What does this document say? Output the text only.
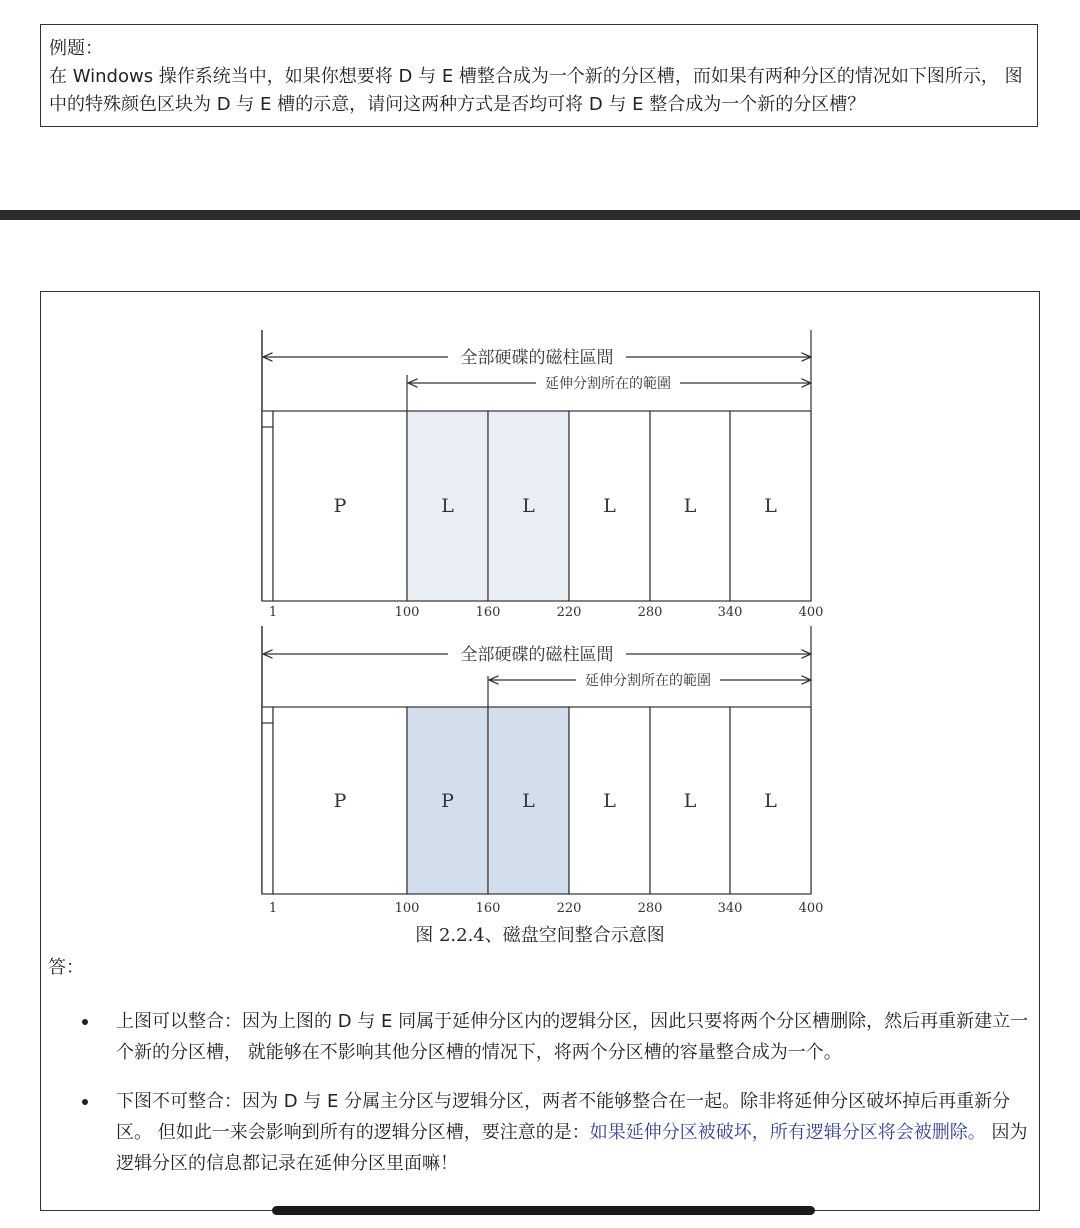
例题：

在 Windows 操作系统当中，如果你想要将 D 与 E 槽整合成为一个新的分区槽，而如果有两种分区的情况如下图所示， 图中的特殊颜色区块为 D 与 E 槽的示意，请问这两种方式是否均可将 D 与 E 整合成为一个新的分区槽？

全部硬碟的磁柱區間
延伸分割所在的範圍
P	L	L	L	L	L
1	100	160	220	280	340	400
全部硬碟的磁柱區間
延伸分割所在的範圍
P	P	L	L	L	L
1	100	160	220	280	340	400
图 2.2.4、磁盘空间整合示意图
答：
上图可以整合：因为上图的 D 与 E 同属于延伸分区内的逻辑分区，因此只要将两个分区槽删除，然后再重新建立一个新的分区槽， 就能够在不影响其他分区槽的情况下，将两个分区槽的容量整合成为一个。
下图不可整合：因为 D 与 E 分属主分区与逻辑分区，两者不能够整合在一起。除非将延伸分区破坏掉后再重新分区。 但如此一来会影响到所有的逻辑分区槽，要注意的是：如果延伸分区被破坏，所有逻辑分区将会被删除。 因为逻辑分区的信息都记录在延伸分区里面嘛！
